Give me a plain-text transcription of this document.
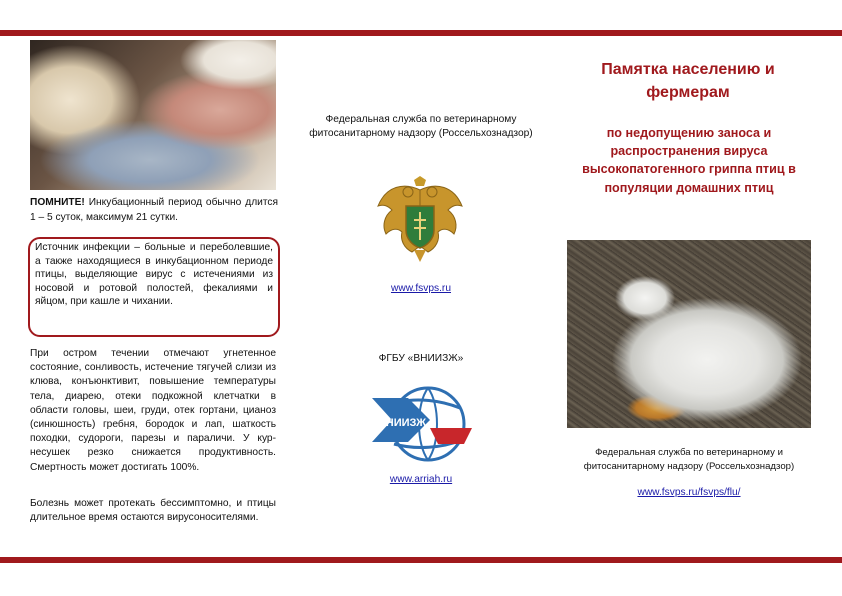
ПОМНИТЕ! Инкубационный период обычно длится 1 – 5 суток, максимум 21 сутки.
Источник инфекции – больные и переболевшие, а также находящиеся в инкубационном периоде птицы, выделяющие вирус с истечениями из носовой и ротовой полостей, фекалиями и яйцом, при кашле и чихании.
При остром течении отмечают угнетенное состояние, сонливость, истечение тягучей слизи из клюва, конъюнктивит, повышение температуры тела, диарею, отеки подкожной клетчатки в области головы, шеи, груди, отек гортани, цианоз (синюшность) гребня, бородок и лап, шаткость походки, судороги, парезы и параличи. У кур-несушек резко снижается продуктивность. Смертность может достигать 100%.
Болезнь может протекать бессимптомно, и птицы длительное время остаются вирусоносителями.
Федеральная служба по ветеринарному фитосанитарному надзору (Россельхознадзор)
www.fsvps.ru
ФГБУ «ВНИИЗЖ»
ВНИИЗЖ
www.arriah.ru
Памятка населению и фермерам
по недопущению заноса и распространения вируса высокопатогенного гриппа птиц в популяции домашних птиц
Федеральная служба по ветеринарному и фитосанитарному надзору (Россельхознадзор)
www.fsvps.ru/fsvps/flu/
